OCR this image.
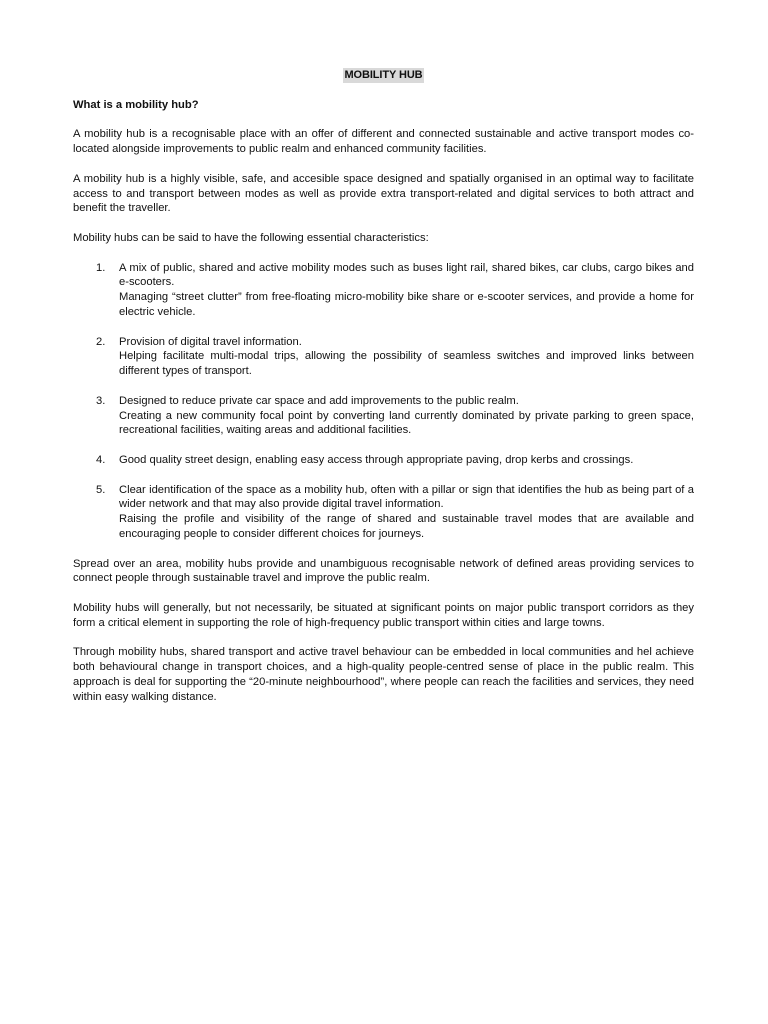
MOBILITY HUB
What is a mobility hub?

A mobility hub is a recognisable place with an offer of different and connected sustainable and active transport modes co-located alongside improvements to public realm and enhanced community facilities.

A mobility hub is a highly visible, safe, and accesible space designed and spatially organised in an optimal way to facilitate access to and transport between modes as well as provide extra transport-related and digital services to both attract and benefit the traveller.

Mobility hubs can be said to have the following essential characteristics:

1. A mix of public, shared and active mobility modes such as buses light rail, shared bikes, car clubs, cargo bikes and e-scooters.
Managing “street clutter” from free-floating micro-mobility bike share or e-scooter services, and provide a home for electric vehicle.
2. Provision of digital travel information.
Helping facilitate multi-modal trips, allowing the possibility of seamless switches and improved links between different types of transport.
3. Designed to reduce private car space and add improvements to the public realm.
Creating a new community focal point by converting land currently dominated by private parking to green space, recreational facilities, waiting areas and additional facilities.
4. Good quality street design, enabling easy access through appropriate paving, drop kerbs and crossings.
5. Clear identification of the space as a mobility hub, often with a pillar or sign that identifies the hub as being part of a wider network and that may also provide digital travel information.
Raising the profile and visibility of the range of shared and sustainable travel modes that are available and encouraging people to consider different choices for journeys.

Spread over an area, mobility hubs provide and unambiguous recognisable network of defined areas providing services to connect people through sustainable travel and improve the public realm.

Mobility hubs will generally, but not necessarily, be situated at significant points on major public transport corridors as they form a critical element in supporting the role of high-frequency public transport within cities and large towns.

Through mobility hubs, shared transport and active travel behaviour can be embedded in local communities and hel achieve both behavioural change in transport choices, and a high-quality people-centred sense of place in the public realm. This approach is deal for supporting the “20-minute neighbourhood”, where people can reach the facilities and services, they need within easy walking distance.
